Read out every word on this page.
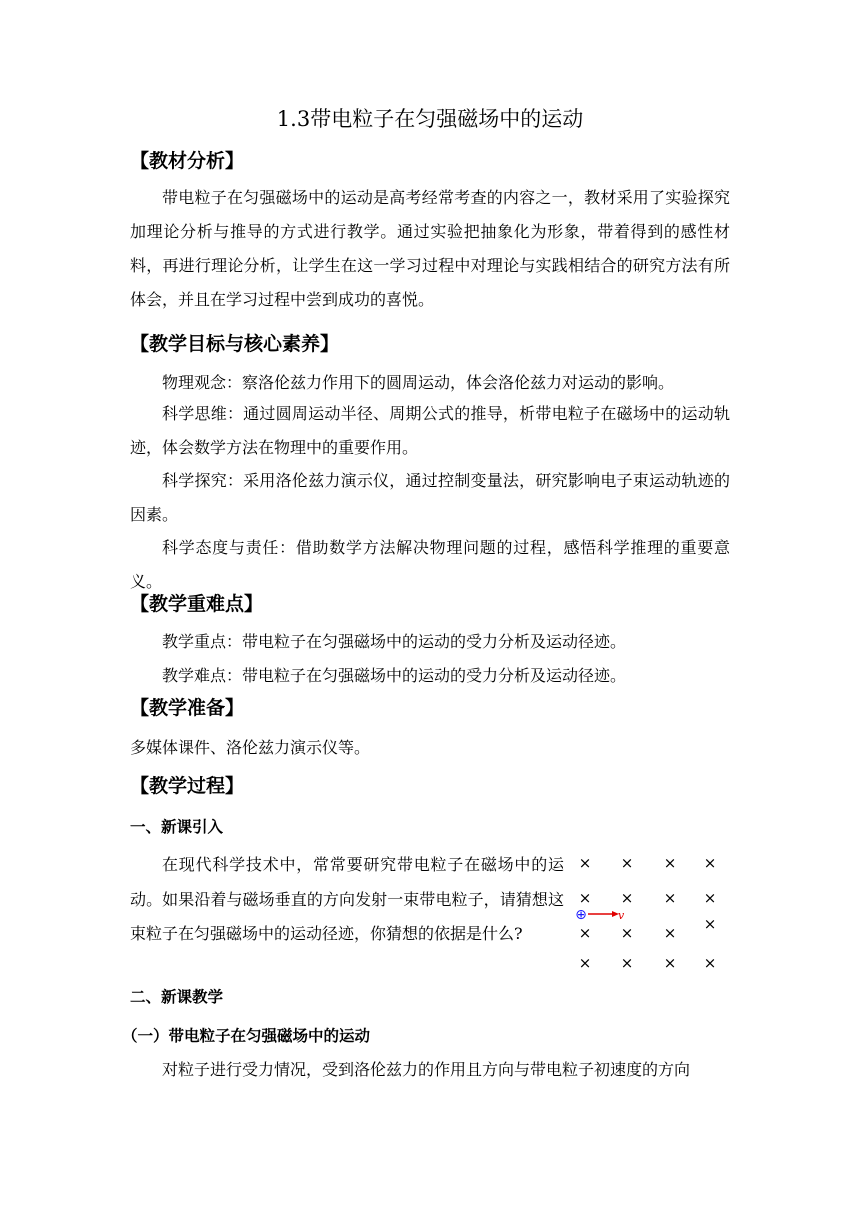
1.3带电粒子在匀强磁场中的运动
【教材分析】

带电粒子在匀强磁场中的运动是高考经常考查的内容之一，教材采用了实验探究加理论分析与推导的方式进行教学。通过实验把抽象化为形象，带着得到的感性材料，再进行理论分析，让学生在这一学习过程中对理论与实践相结合的研究方法有所体会，并且在学习过程中尝到成功的喜悦。

【教学目标与核心素养】

物理观念：察洛伦兹力作用下的圆周运动，体会洛伦兹力对运动的影响。

科学思维：通过圆周运动半径、周期公式的推导，析带电粒子在磁场中的运动轨迹，体会数学方法在物理中的重要作用。

科学探究：采用洛伦兹力演示仪，通过控制变量法，研究影响电子束运动轨迹的因素。

科学态度与责任：借助数学方法解决物理问题的过程，感悟科学推理的重要意义。

【教学重难点】

教学重点：带电粒子在匀强磁场中的运动的受力分析及运动径迹。

教学难点：带电粒子在匀强磁场中的运动的受力分析及运动径迹。

【教学准备】

多媒体课件、洛伦兹力演示仪等。

【教学过程】
一、新课引入

在现代科学技术中，常常要研究带电粒子在磁场中的运动。如果沿着与磁场垂直的方向发射一束带电粒子，请猜想这束粒子在匀强磁场中的运动径迹，你猜想的依据是什么?

× × × ×
× × × ×
×
× × ×
× × × ×
⊕	v
二、新课教学
（一）带电粒子在匀强磁场中的运动

对粒子进行受力情况，受到洛伦兹力的作用且方向与带电粒子初速度的方向
